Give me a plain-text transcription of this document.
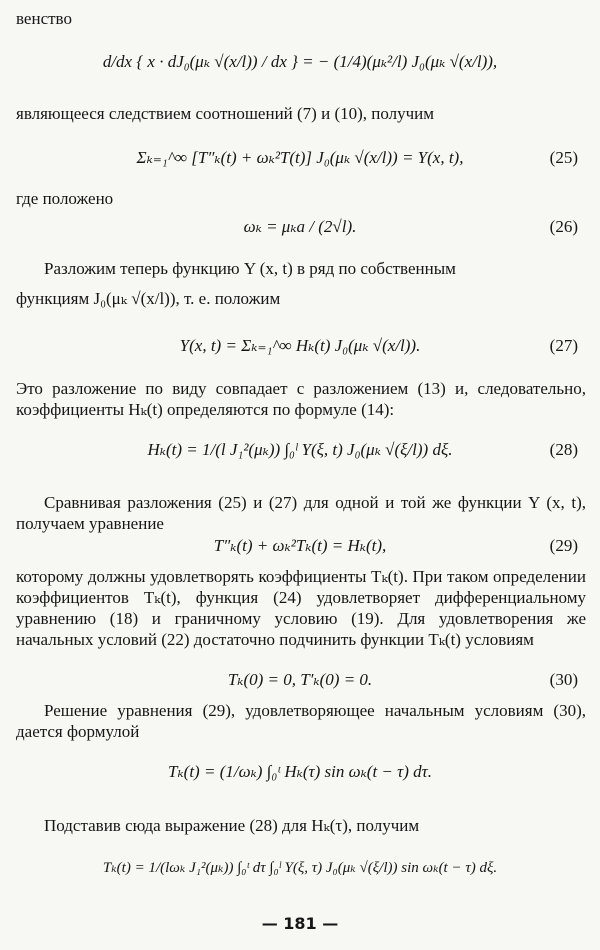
венство
d/dx { x · dJ₀(μₖ √(x/l)) / dx } = − (1/4)(μₖ²/l) J₀(μₖ √(x/l)),
являющееся следствием соотношений (7) и (10), получим
Σₖ₌₁^∞ [T″ₖ(t) + ωₖ²T(t)] J₀(μₖ √(x/l)) = Y(x, t),	(25)
где положено
ωₖ = μₖa / (2√l).	(26)
Разложим теперь функцию Y (x, t) в ряд по собственным
функциям J₀(μₖ √(x/l)), т. е. положим
Y(x, t) = Σₖ₌₁^∞ Hₖ(t) J₀(μₖ √(x/l)).	(27)
Это разложение по виду совпадает с разложением (13) и, следовательно, коэффициенты Hₖ(t) определяются по формуле (14):
Hₖ(t) = 1/(l J₁²(μₖ)) ∫₀ˡ Y(ξ, t) J₀(μₖ √(ξ/l)) dξ.	(28)
Сравнивая разложения (25) и (27) для одной и той же функции Y (x, t), получаем уравнение
T″ₖ(t) + ωₖ²Tₖ(t) = Hₖ(t),	(29)
которому должны удовлетворять коэффициенты Tₖ(t). При таком определении коэффициентов Tₖ(t), функция (24) удовлетворяет дифференциальному уравнению (18) и граничному условию (19). Для удовлетворения же начальных условий (22) достаточно подчинить функции Tₖ(t) условиям
Tₖ(0) = 0, T′ₖ(0) = 0.	(30)
Решение уравнения (29), удовлетворяющее начальным условиям (30), дается формулой
Tₖ(t) = (1/ωₖ) ∫₀ᵗ Hₖ(τ) sin ωₖ(t − τ) dτ.
Подставив сюда выражение (28) для Hₖ(τ), получим
Tₖ(t) = 1/(lωₖ J₁²(μₖ)) ∫₀ᵗ dτ ∫₀ˡ Y(ξ, τ) J₀(μₖ √(ξ/l)) sin ωₖ(t − τ) dξ.
— 181 —
